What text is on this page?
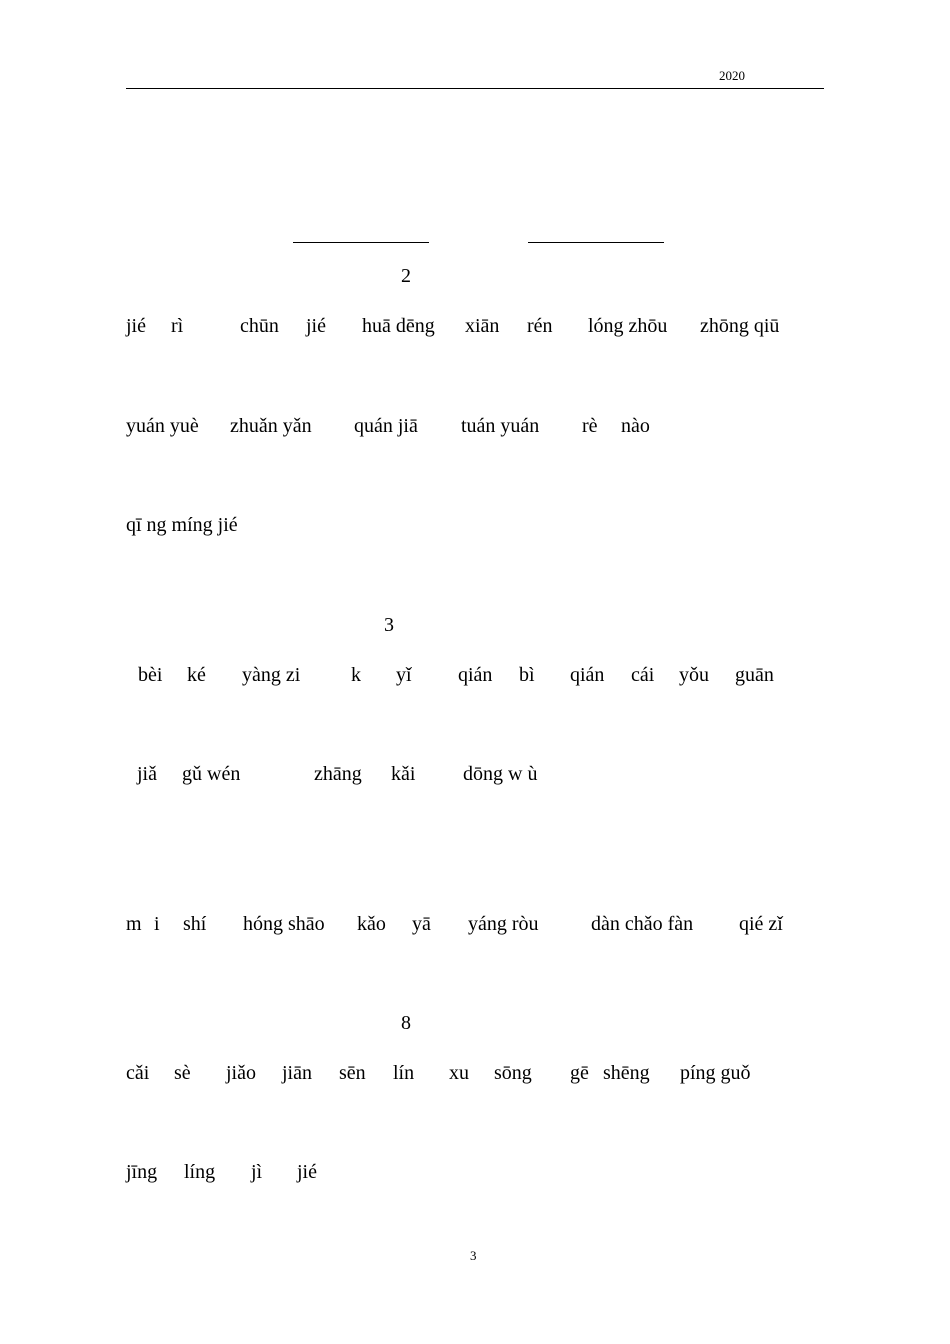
2020
2
jié rì	chūn jié huā dēng xiān rén lóng zhōu zhōng qiū
yuán yuè zhuǎn yǎn quán jiā tuán yuán rè nào
qī ng míng jié
3
bèi ké yàng zi	k yǐ qián bì qián cái yǒu guān
jiǎ gǔ wén	zhāng kǎi dōng w ù
m i shí hóng shāo kǎo yā yáng ròu	dàn chǎo fàn qié zǐ
8
cǎi sè jiǎo jiān sēn lín xu sōng gē shēng píng guǒ
jīng líng jì jié
3
